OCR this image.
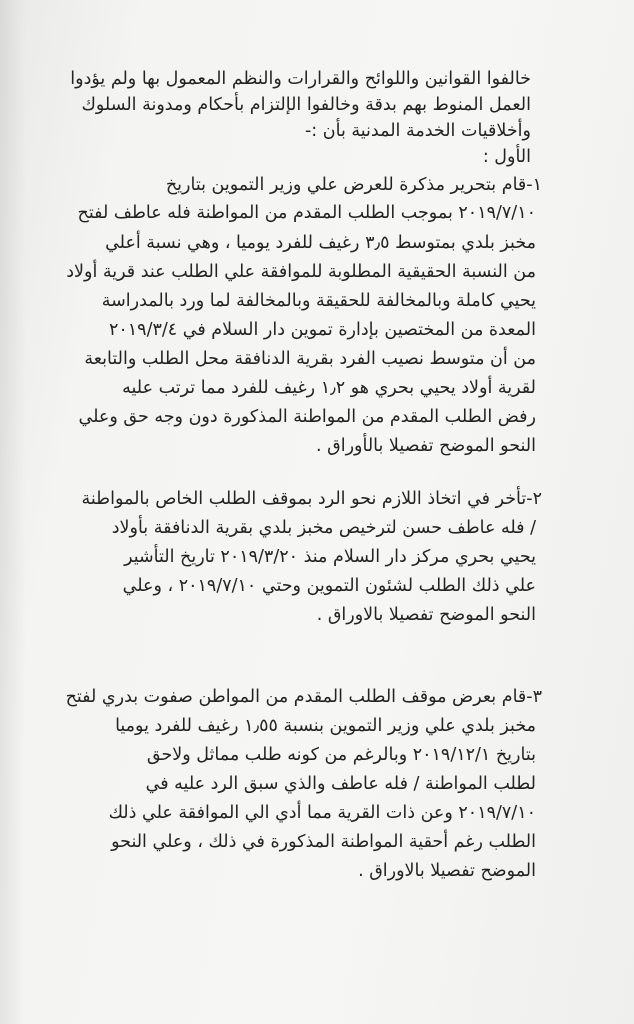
خالفوا القوانين واللوائح والقرارات والنظم المعمول بها ولم يؤدوا
العمل المنوط بهم بدقة وخالفوا الإلتزام بأحكام ومدونة السلوك
وأخلاقيات الخدمة المدنية بأن :-
الأول :
١-قام بتحرير مذكرة للعرض علي وزير التموين بتاريخ
٢٠١٩/٧/١٠ بموجب الطلب المقدم من المواطنة فله عاطف لفتح
مخبز بلدي بمتوسط ٣٫٥ رغيف للفرد يوميا ، وهي نسبة أعلي
من النسبة الحقيقية المطلوبة للموافقة علي الطلب عند قرية أولاد
يحيي كاملة وبالمخالفة للحقيقة وبالمخالفة لما ورد بالمدراسة
المعدة من المختصين بإدارة تموين دار السلام في ٢٠١٩/٣/٤
من أن متوسط نصيب الفرد بقرية الدنافقة محل الطلب والتابعة
لقرية أولاد يحيي بحري هو ١٫٢ رغيف للفرد مما ترتب عليه
رفض الطلب المقدم من المواطنة المذكورة دون وجه حق وعلي
النحو الموضح تفصيلا بالأوراق .
٢-تأخر في اتخاذ اللازم نحو الرد بموقف الطلب الخاص بالمواطنة
/ فله عاطف حسن لترخيص مخبز بلدي بقرية الدنافقة بأولاد
يحيي بحري مركز دار السلام منذ ٢٠١٩/٣/٢٠ تاريخ التأشير
علي ذلك الطلب لشئون التموين وحتي ٢٠١٩/٧/١٠ ، وعلي
النحو الموضح تفصيلا بالاوراق .
٣-قام بعرض موقف الطلب المقدم من المواطن صفوت بدري لفتح
مخبز بلدي علي وزير التموين بنسبة ١٫٥٥ رغيف للفرد يوميا
بتاريخ ٢٠١٩/١٢/١ وبالرغم من كونه طلب مماثل ولاحق
لطلب المواطنة / فله عاطف والذي سبق الرد عليه في
٢٠١٩/٧/١٠ وعن ذات القرية مما أدي الي الموافقة علي ذلك
الطلب رغم أحقية المواطنة المذكورة في ذلك ، وعلي النحو
الموضح تفصيلا بالاوراق .
